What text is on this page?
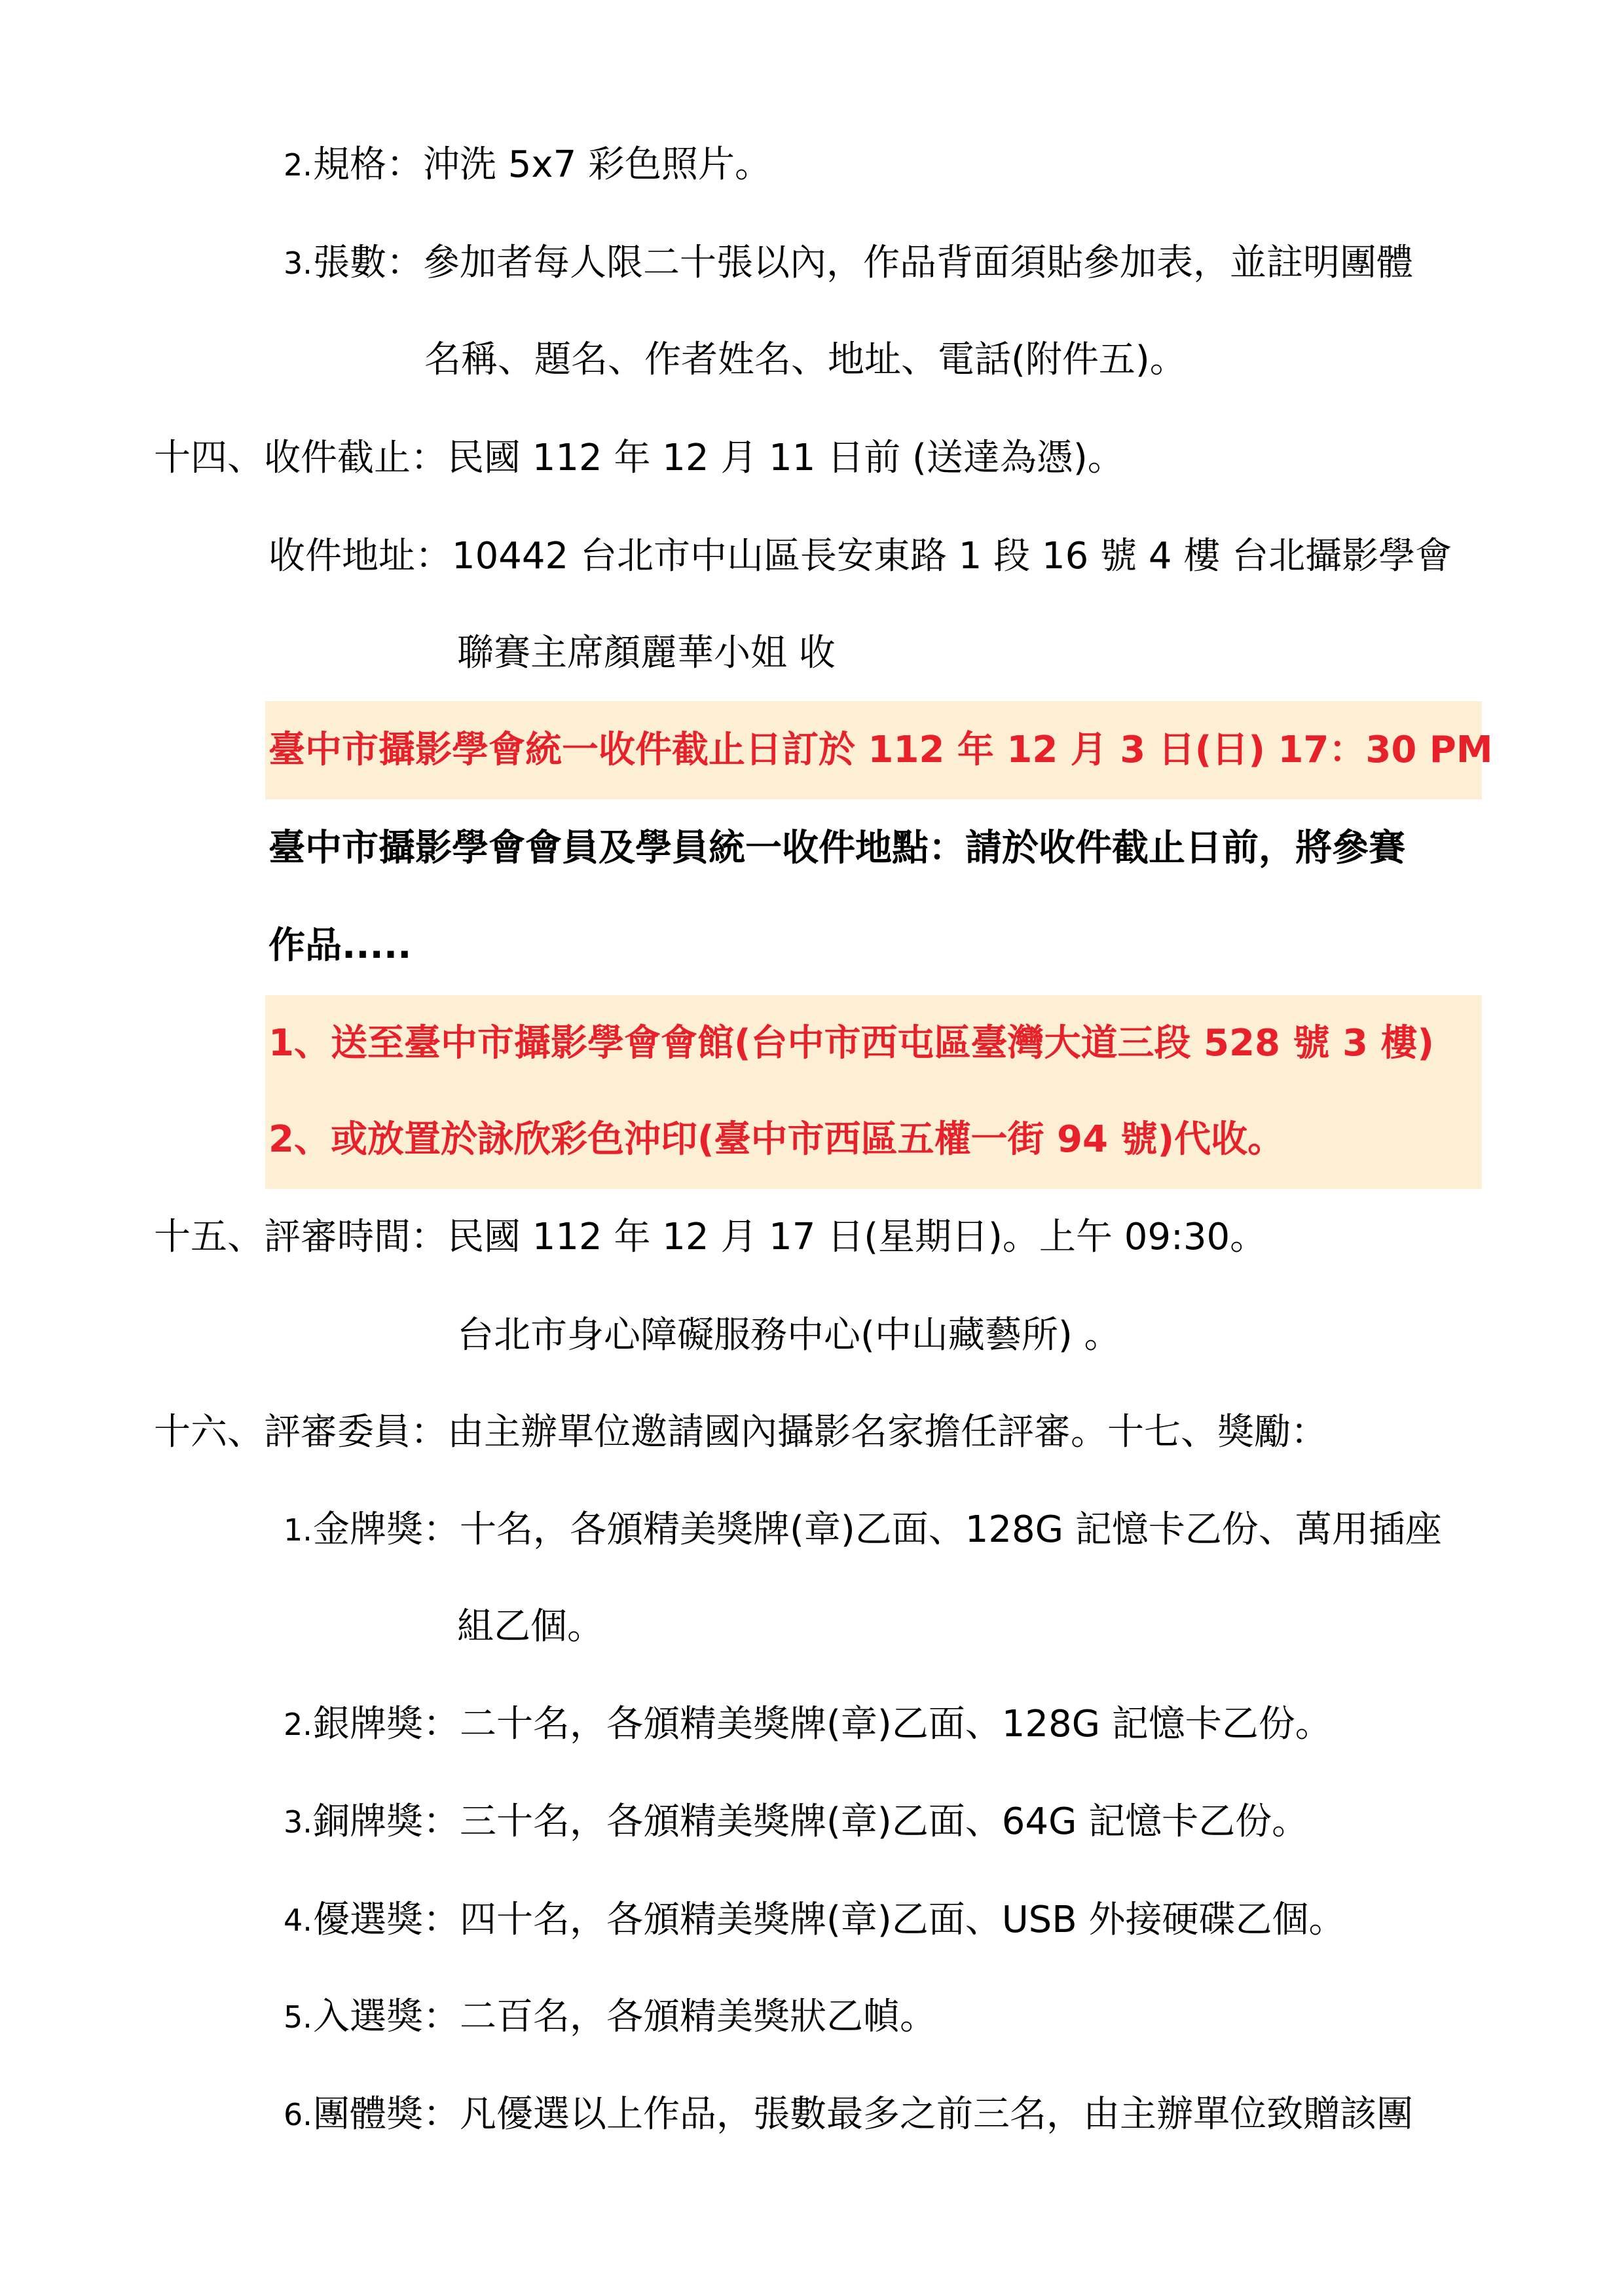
2. 規格：沖洗 5x7 彩色照片。
3. 張數：參加者每人限二十張以內，作品背面須貼參加表，並註明團體
名稱、題名、作者姓名、地址、電話(附件五)。
十四、收件截止：民國 112 年 12 月 11 日前 (送達為憑)。
收件地址：10442 台北市中山區長安東路 1 段 16 號 4 樓 台北攝影學會
聯賽主席顏麗華小姐 收
臺中市攝影學會統一收件截止日訂於 112 年 12 月 3 日(日) 17：30 PM
臺中市攝影學會會員及學員統一收件地點：請於收件截止日前，將參賽
作品.....
1、送至臺中市攝影學會會館(台中市西屯區臺灣大道三段 528 號 3 樓)
2、或放置於詠欣彩色沖印(臺中市西區五權一街 94 號)代收。
十五、評審時間：民國 112 年 12 月 17 日(星期日)。上午 09:30。
台北市身心障礙服務中心(中山藏藝所) 。
十六、評審委員：由主辦單位邀請國內攝影名家擔任評審。十七、獎勵：
1. 金牌獎：十名，各頒精美獎牌(章)乙面、128G 記憶卡乙份、萬用插座
組乙個。
2. 銀牌獎：二十名，各頒精美獎牌(章)乙面、128G 記憶卡乙份。
3. 銅牌獎：三十名，各頒精美獎牌(章)乙面、64G 記憶卡乙份。
4. 優選獎：四十名，各頒精美獎牌(章)乙面、USB 外接硬碟乙個。
5. 入選獎：二百名，各頒精美獎狀乙幀。
6. 團體獎：凡優選以上作品，張數最多之前三名，由主辦單位致贈該團
